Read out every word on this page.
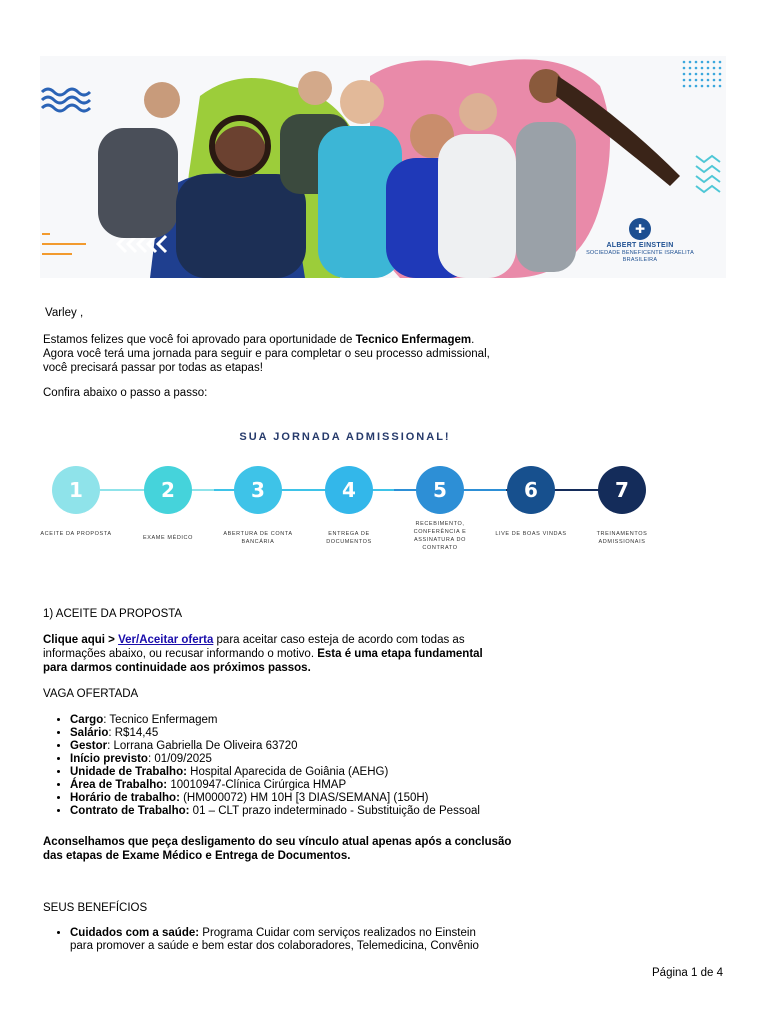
✚
ALBERT EINSTEIN
SOCIEDADE BENEFICENTE ISRAELITA BRASILEIRA
Varley ,
Estamos felizes que você foi aprovado para oportunidade de Tecnico Enfermagem.
Agora você terá uma jornada para seguir e para completar o seu processo admissional,
você precisará passar por todas as etapas!
Confira abaixo o passo a passo:
SUA JORNADA ADMISSIONAL!
1
ACEITE DA PROPOSTA
2
EXAME MÉDICO
3
ABERTURA DE CONTA BANCÁRIA
4
ENTREGA DE DOCUMENTOS
5
RECEBIMENTO, CONFERÊNCIA E ASSINATURA DO CONTRATO
6
LIVE DE BOAS VINDAS
7
TREINAMENTOS ADMISSIONAIS
1) ACEITE DA PROPOSTA
Clique aqui > Ver/Aceitar oferta para aceitar caso esteja de acordo com todas as
informações abaixo, ou recusar informando o motivo. Esta é uma etapa fundamental
para darmos continuidade aos próximos passos.
VAGA OFERTADA
• Cargo: Tecnico Enfermagem
• Salário: R$14,45
• Gestor: Lorrana Gabriella De Oliveira 63720
• Início previsto: 01/09/2025
• Unidade de Trabalho: Hospital Aparecida de Goiânia (AEHG)
• Área de Trabalho: 10010947-Clínica Cirúrgica HMAP
• Horário de trabalho: (HM000072) HM 10H [3 DIAS/SEMANA] (150H)
• Contrato de Trabalho: 01 – CLT prazo indeterminado - Substituição de Pessoal
Aconselhamos que peça desligamento do seu vínculo atual apenas após a conclusão
das etapas de Exame Médico e Entrega de Documentos.
SEUS BENEFÍCIOS
• Cuidados com a saúde: Programa Cuidar com serviços realizados no Einstein
para promover a saúde e bem estar dos colaboradores, Telemedicina, Convênio
Página 1 de 4
